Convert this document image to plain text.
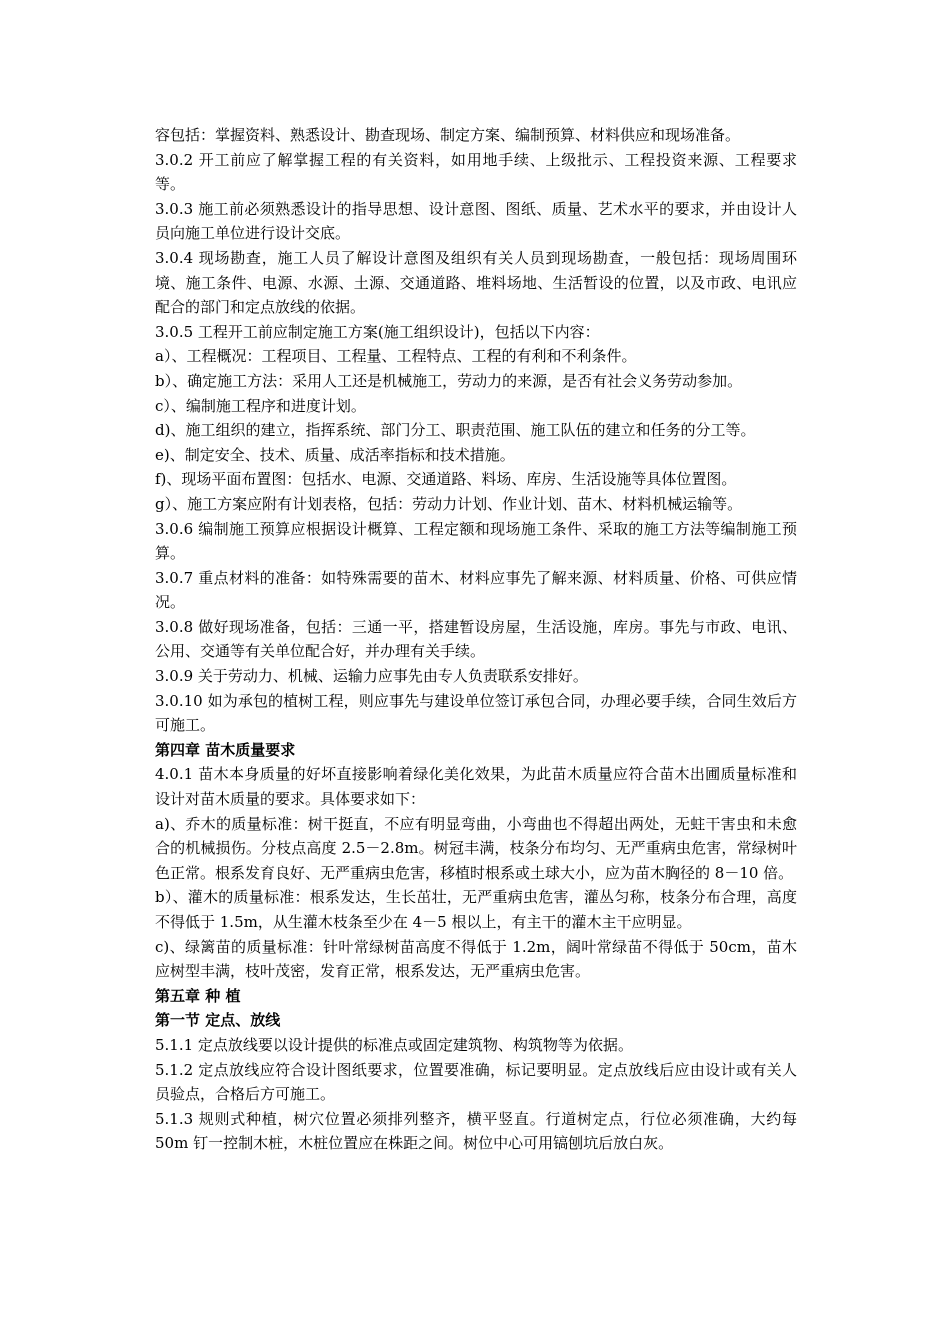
容包括：掌握资料、熟悉设计、勘查现场、制定方案、编制预算、材料供应和现场准备。

3.0.2 开工前应了解掌握工程的有关资料，如用地手续、上级批示、工程投资来源、工程要求等。

3.0.3 施工前必须熟悉设计的指导思想、设计意图、图纸、质量、艺术水平的要求，并由设计人员向施工单位进行设计交底。

3.0.4 现场勘查，施工人员了解设计意图及组织有关人员到现场勘查，一般包括：现场周围环境、施工条件、电源、水源、土源、交通道路、堆料场地、生活暂设的位置，以及市政、电讯应配合的部门和定点放线的依据。

3.0.5 工程开工前应制定施工方案(施工组织设计)，包括以下内容：

a）、工程概况：工程项目、工程量、工程特点、工程的有利和不利条件。

b）、确定施工方法：采用人工还是机械施工，劳动力的来源，是否有社会义务劳动参加。

c）、编制施工程序和进度计划。

d)、施工组织的建立，指挥系统、部门分工、职责范围、施工队伍的建立和任务的分工等。

e)、制定安全、技术、质量、成活率指标和技术措施。

f)、现场平面布置图：包括水、电源、交通道路、料场、库房、生活设施等具体位置图。

g）、施工方案应附有计划表格，包括：劳动力计划、作业计划、苗木、材料机械运输等。

3.0.6 编制施工预算应根据设计概算、工程定额和现场施工条件、采取的施工方法等编制施工预算。

3.0.7 重点材料的准备：如特殊需要的苗木、材料应事先了解来源、材料质量、价格、可供应情况。

3.0.8 做好现场准备，包括：三通一平，搭建暂设房屋，生活设施，库房。事先与市政、电讯、公用、交通等有关单位配合好，并办理有关手续。

3.0.9 关于劳动力、机械、运输力应事先由专人负责联系安排好。

3.0.10 如为承包的植树工程，则应事先与建设单位签订承包合同，办理必要手续，合同生效后方可施工。

第四章 苗木质量要求

4.0.1 苗木本身质量的好坏直接影响着绿化美化效果，为此苗木质量应符合苗木出圃质量标准和设计对苗木质量的要求。具体要求如下：

a)、乔木的质量标准：树干挺直，不应有明显弯曲，小弯曲也不得超出两处，无蛀干害虫和未愈合的机械损伤。分枝点高度 2.5－2.8m。树冠丰满，枝条分布均匀、无严重病虫危害，常绿树叶色正常。根系发育良好、无严重病虫危害，移植时根系或土球大小，应为苗木胸径的 8－10 倍。

b）、灌木的质量标准：根系发达，生长茁壮，无严重病虫危害，灌丛匀称，枝条分布合理，高度不得低于 1.5m，从生灌木枝条至少在 4－5 根以上，有主干的灌木主干应明显。

c)、绿篱苗的质量标准：针叶常绿树苗高度不得低于 1.2m，阔叶常绿苗不得低于 50cm，苗木应树型丰满，枝叶茂密，发育正常，根系发达，无严重病虫危害。

第五章 种 植

第一节 定点、放线

5.1.1 定点放线要以设计提供的标准点或固定建筑物、构筑物等为依据。

5.1.2 定点放线应符合设计图纸要求，位置要准确，标记要明显。定点放线后应由设计或有关人员验点，合格后方可施工。

5.1.3 规则式种植，树穴位置必须排列整齐，横平竖直。行道树定点，行位必须准确，大约每 50m 钉一控制木桩，木桩位置应在株距之间。树位中心可用镐刨坑后放白灰。
